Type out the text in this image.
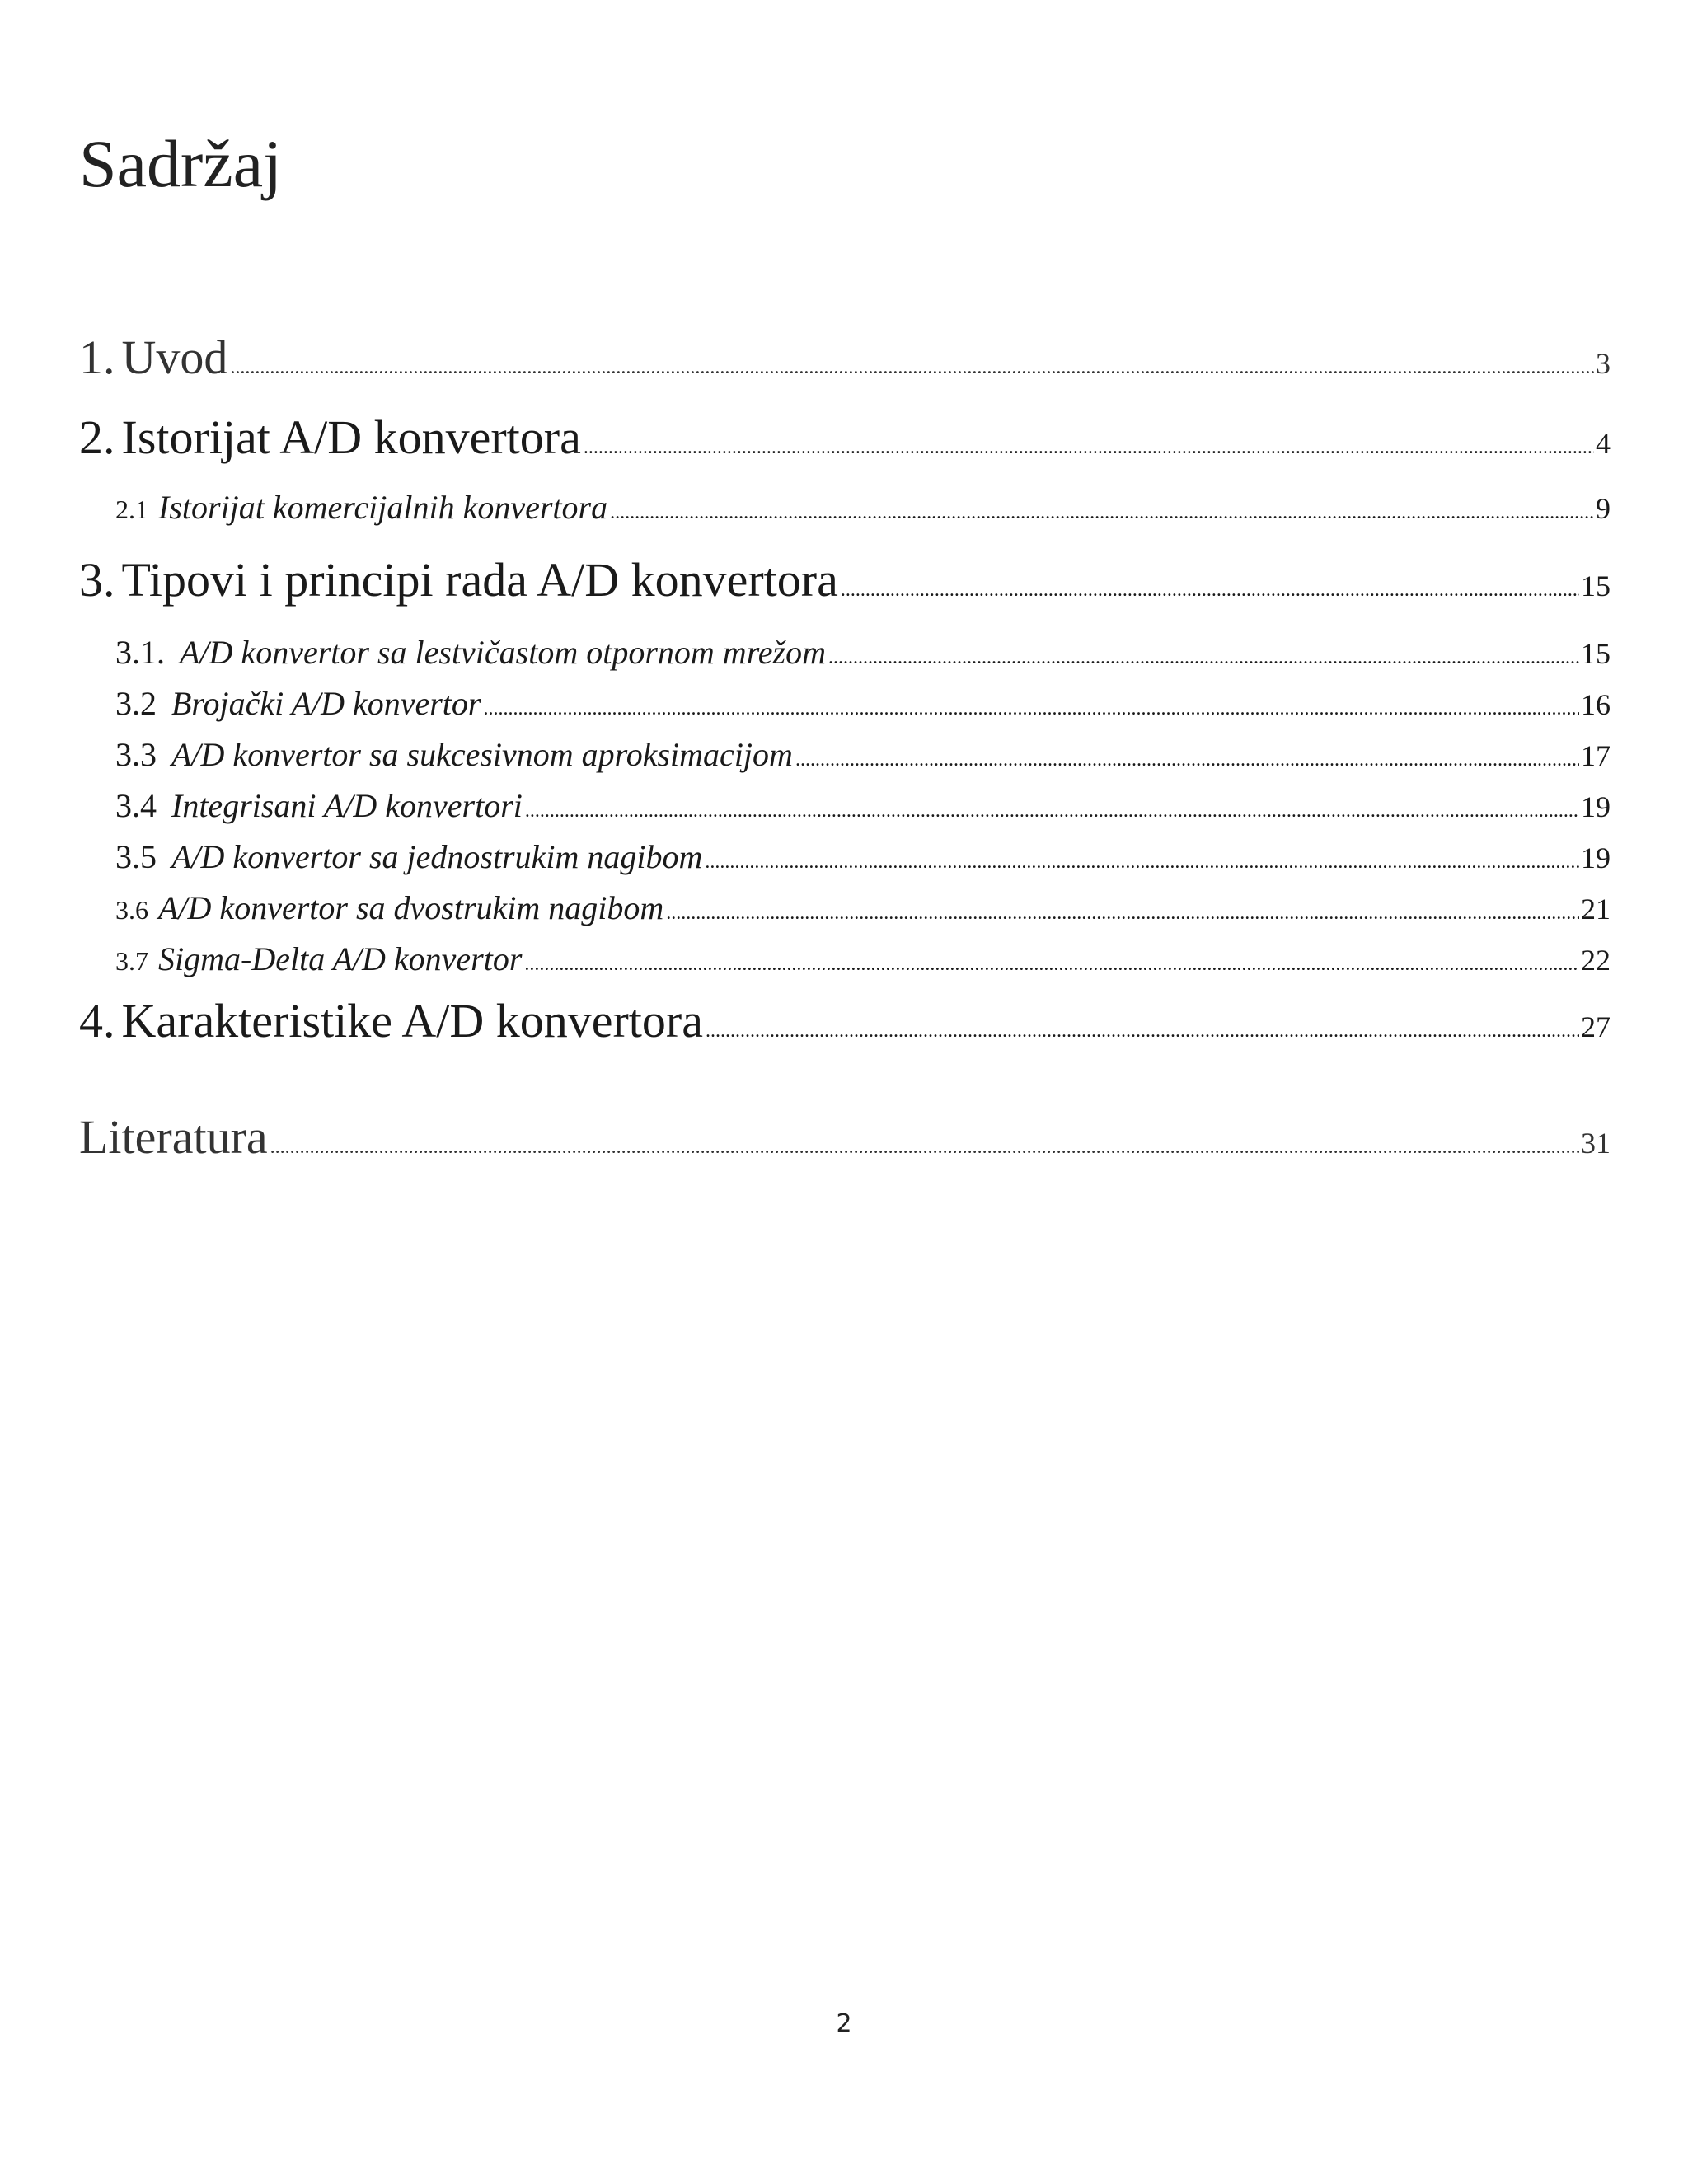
Sadržaj
1. Uvod .....	3
2. Istorijat A/D konvertora .....	4
2.1 Istorijat komercijalnih konvertora .....	9
3. Tipovi i principi rada A/D konvertora .....	15
3.1. A/D konvertor sa lestvičastom otpornom mrežom .....	15
3.2 Brojački A/D konvertor .....	16
3.3 A/D konvertor sa sukcesivnom aproksimacijom .....	17
3.4 Integrisani A/D konvertori .....	19
3.5 A/D konvertor sa jednostrukim nagibom .....	19
3.6 A/D konvertor sa dvostrukim nagibom .....	21
3.7 Sigma-Delta A/D konvertor .....	22
4. Karakteristike A/D konvertora .....	27
Literatura .....	31
2
